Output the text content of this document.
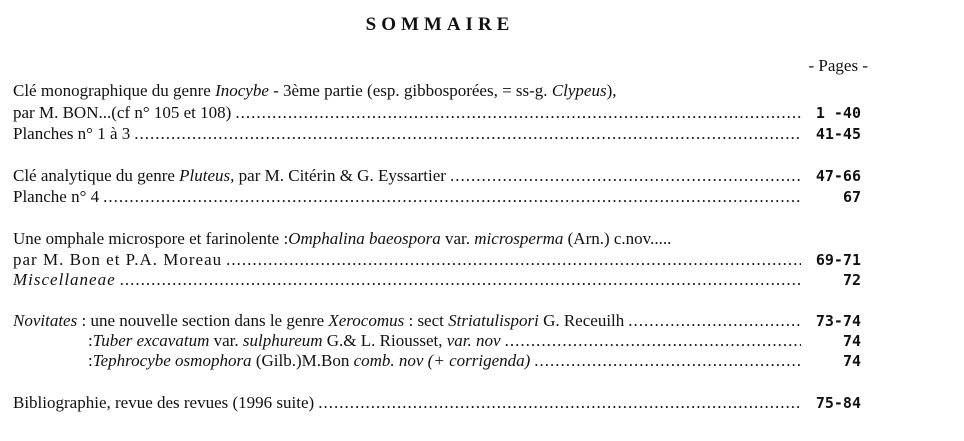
SOMMAIRE
- Pages -
Clé monographique du genre Inocybe - 3ème partie (esp. gibbosporées, = ss-g. Clypeus),
par M. BON...(cf n° 105 et 108) .....	1 -40
Planches n° 1 à 3 .....	41-45
Clé analytique du genre Pluteus, par M. Citérin & G. Eyssartier .....	47-66
Planche n° 4 .....	67
Une omphale microspore et farinolente :Omphalina baeospora var. microsperma (Arn.) c.nov.....
par M. Bon et P.A. Moreau .....	69-71
Miscellaneae .....	72
Novitates : une nouvelle section dans le genre Xerocomus : sect Striatulispori G. Receuilh .....	73-74
:Tuber excavatum var. sulphureum G.& L. Riousset, var. nov .....	74
:Tephrocybe osmophora (Gilb.)M.Bon comb. nov (+ corrigenda) .....	74
Bibliographie, revue des revues (1996 suite) .....	75-84
